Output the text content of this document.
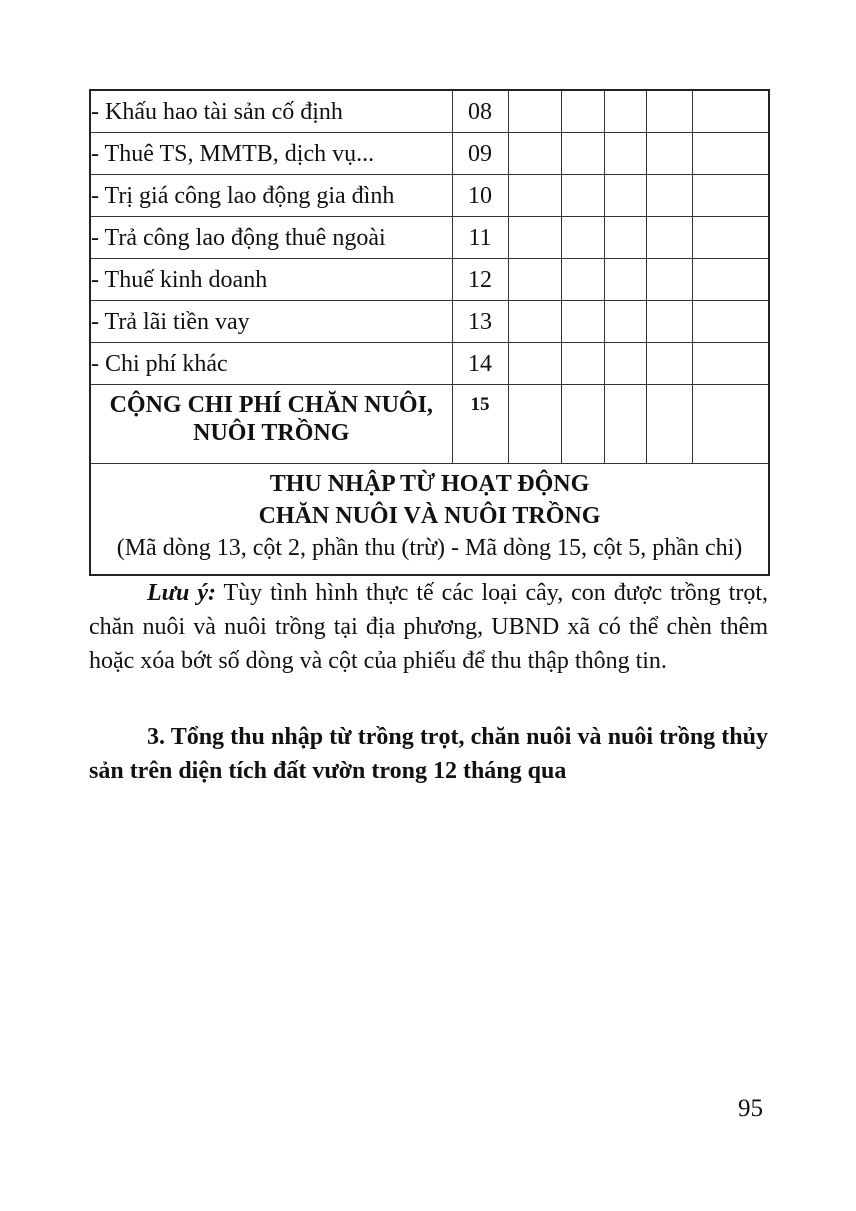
- Khấu hao tài sản cố định	08					
- Thuê TS, MMTB, dịch vụ...	09					
- Trị giá công lao động gia đình	10					
- Trả công lao động thuê ngoài	11					
- Thuế kinh doanh	12					
- Trả lãi tiền vay	13					
- Chi phí khác	14					
CỘNG CHI PHÍ CHĂN NUÔI,
NUÔI TRỒNG	15					

THU NHẬP TỪ HOẠT ĐỘNG
CHĂN NUÔI VÀ NUÔI TRỒNG
(Mã dòng 13, cột 2, phần thu (trừ) - Mã dòng 15, cột 5, phần chi)						

Lưu ý: Tùy tình hình thực tế các loại cây, con được trồng trọt, chăn nuôi và nuôi trồng tại địa phương, UBND xã có thể chèn thêm hoặc xóa bớt số dòng và cột của phiếu để thu thập thông tin.

3. Tổng thu nhập từ trồng trọt, chăn nuôi và nuôi trồng thủy sản trên diện tích đất vườn trong 12 tháng qua

95
